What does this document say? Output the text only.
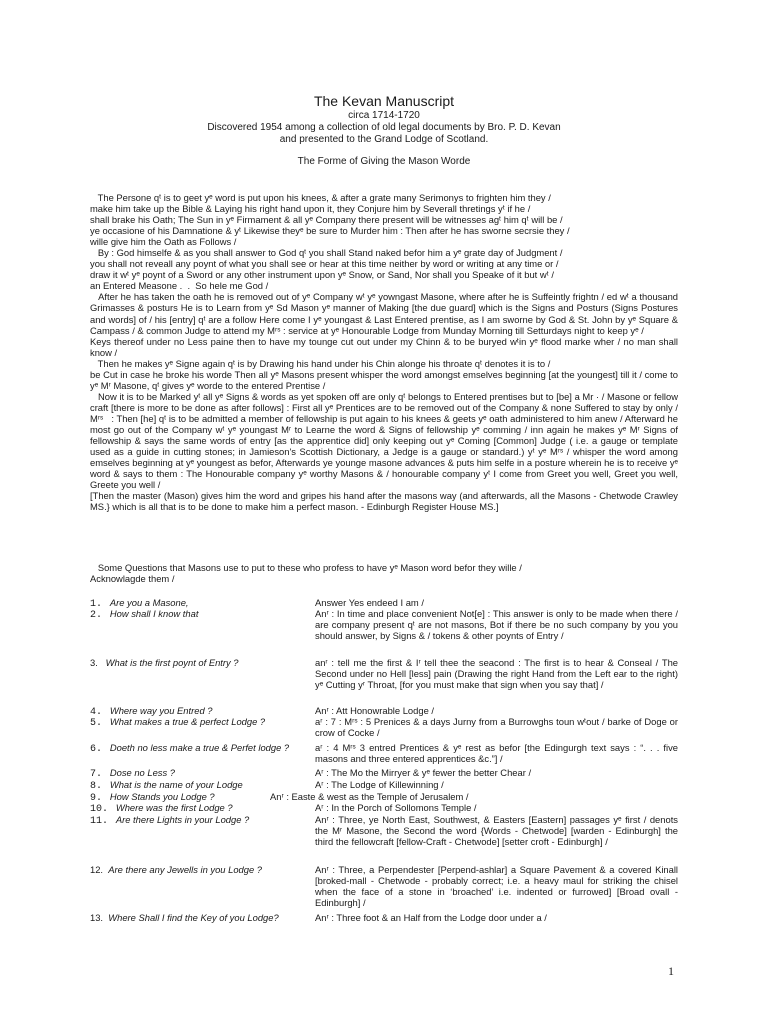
The Kevan Manuscript
circa 1714-1720
Discovered 1954 among a collection of old legal documents by Bro. P. D. Kevan
and presented to the Grand Lodge of Scotland.
The Forme of Giving the Mason Worde

The Persone qᵗ is to geet yᵉ word is put upon his knees, & after a grate many Serimonys to frighten him they /

make him take up the Bible & Laying his right hand upon it, they Conjure him by Severall thretings yᵗ if he /

shall brake his Oath; The Sun in yᵉ Firmament & all yᵉ Company there present will be witnesses agᵗ him qᵗ will be /

ye occasione of his Damnatione & yᵗ Likewise theyᵉ be sure to Murder him : Then after he has sworne secrsie they /

wille give him the Oath as Follows /

By : God himselfe & as you shall answer to God qᵗ you shall Stand naked befor him a yᵉ grate day of Judgment /

you shall not reveall any poynt of what you shall see or hear at this time neither by word or writing at any time or /

draw it wᵗ yᵉ poynt of a Sword or any other instrument upon yᵉ Snow, or Sand, Nor shall you Speake of it but wᵗ /

an Entered Measone .  .  So hele me God /

After he has taken the oath he is removed out of yᵉ Company wᵗ yᵉ yowngast Masone, where after he is Suffeintly frightn / ed wᵗ a thousand Grimasses & posturs He is to Learn from yᵉ Sd Mason yᵉ manner of Making [the due guard] which is the Signs and Posturs (Signs Postures and words] of / his [entry] qᵗ are a follow Here come I yᵉ youngast & Last Entered prentise, as I am sworne by God & St. John by yᵉ Square & Campass / & common Judge to attend my Mʳˢ : service at yᵉ Honourable Lodge from Munday Morning till Setturdays night to keep yᵉ /

Keys thereof under no Less paine then to have my tounge cut out under my Chinn & to be buryed wᵗin yᵉ flood marke wher / no man shall know /

Then he makes yᵉ Signe again qᵗ is by Drawing his hand under his Chin alonge his throate qᵗ denotes it is to /

be Cut in case he broke his worde Then all yᵉ Masons present whisper the word amongst emselves beginning [at the youngest] till it / come to yᵉ Mʳ Masone, qᵗ gives yᵉ worde to the entered Prentise /

Now it is to be Marked yᵗ all yᵉ Signs & words as yet spoken off are only qᵗ belongs to Entered prentises but to [be] a Mr · / Masone or fellow craft [there is more to be done as after follows] : First all yᵉ Prentices are to be removed out of the Company & none Suffered to stay by only / Mʳˢ   : Then [he] qᵗ is to be admitted a member of fellowship is put again to his knees & geets yᵉ oath administered to him anew / Afterward he most go out of the Company wᵗ yᵉ youngast Mʳ to Learne the word & Signs of fellowship yᵉ comming / inn again he makes yᵉ Mʳ Signs of fellowship & says the same words of entry [as the apprentice did] only keeping out yᵉ Coming [Common] Judge ( i.e. a gauge or template used as a guide in cutting stones; in Jamieson's Scottish Dictionary, a Jedge is a gauge or standard.) yᵗ yᵉ Mʳˢ / whisper the word among emselves beginning at yᵉ youngest as befor, Afterwards ye younge masone advances & puts him selfe in a posture wherein he is to receive yᵉ word & says to them : The Honourable company yᵉ worthy Masons & / honourable company yᵗ I come from Greet you well, Greet you well, Greete you well /

[Then the master (Mason) gives him the word and gripes his hand after the masons way (and afterwards, all the Masons - Chetwode Crawley MS.} which is all that is to be done to make him a perfect mason. - Edinburgh Register House MS.]

Some Questions that Masons use to put to these who profess to have yᵉ Mason word befor they wille /

Acknowlagde them /

1. Are you a Masone,	Answer Yes endeed I am /
2. How shall I know that	Anʳ : In time and place convenient Not[e] : This answer is only to be made when there / are company present qᵗ are not masons, Bot if there be no such company by you you should answer, by Signs & / tokens & other poynts of Entry /
3. What is the first poynt of Entry ?	anʳ : tell me the first & Iʳ tell thee the seacond : The first is to hear & Conseal / The Second under no Hell [less] pain (Drawing the right Hand from the Left ear to the right) yᵉ Cutting yʳ Throat, [for you must make that sign when you say that] /
4. Where way you Entred ?	Anʳ : Att Honowrable Lodge /
5. What makes a true & perfect Lodge ?	aʳ : 7 : Mʳˢ : 5 Prenices & a days Jurny from a Burrowghs toun wᵗout / barke of Doge or crow of Cocke /
6. Doeth no less make a true & Perfet lodge ?	aʳ : 4 Mʳˢ 3 entred Prentices & yᵉ rest as befor [the Edingurgh text says : “. . . five masons and three entered apprentices &c.”] /
7. Dose no Less ?	Aʳ : The Mo the Mirryer & yᵉ fewer the better Chear /
8. What is the name of your Lodge	Aʳ : The Lodge of Killewinning /
9. How Stands you Lodge ?	Anʳ : Easte & west as the Temple of Jerusalem /
10. Where was the first Lodge ?	Aʳ : In the Porch of Sollomons Temple /
11. Are there Lights in your Lodge ?	Anʳ : Three, ye North East, Southwest, & Easters [Eastern] passages yᵉ first / denots the Mʳ Masone, the Second the word {Words - Chetwode] [warden - Edinburgh] the third the fellowcraft [fellow-Craft - Chetwode] [setter croft - Edinburgh] /
12. Are there any Jewells in you Lodge ?	Anʳ : Three, a Perpendester [Perpend-ashlar] a Square Pavement & a covered Kinall [broked-mall - Chetwode - probably correct; i.e. a heavy maul for striking the chisel when the face of a stone in ‘broached’ i.e. indented or furrowed] [Broad ovall - Edinburgh] /
13. Where Shall I find the Key of you Lodge?	Anʳ : Three foot & an Half from the Lodge door under a /
1
